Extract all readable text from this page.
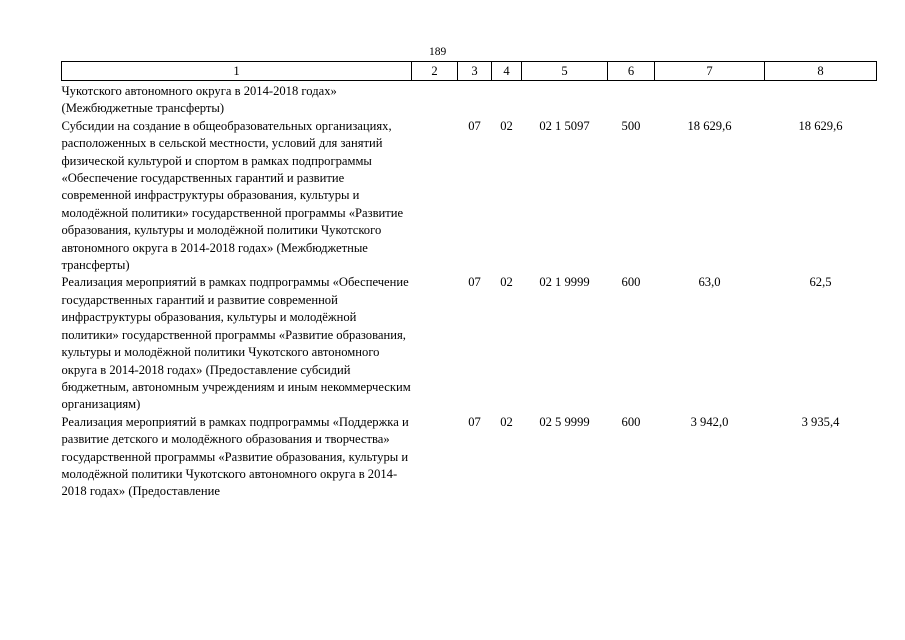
189
1	2	3	4	5	6	7	8
Чукотского автономного округа в 2014-2018 годах» (Межбюджетные трансферты)							
Субсидии на создание в общеобразовательных организациях, расположенных в сельской местности, условий для занятий физической культурой и спортом в рамках подпрограммы «Обеспечение государственных гарантий и развитие современной инфраструктуры образования, культуры и молодёжной политики» государственной программы «Развитие образования, культуры и молодёжной политики Чукотского автономного округа в 2014-2018 годах» (Межбюджетные трансферты)		07	02	02 1 5097	500	18 629,6	18 629,6
Реализация мероприятий в рамках подпрограммы «Обеспечение государственных гарантий и развитие современной инфраструктуры образования, культуры и молодёжной политики» государственной программы «Развитие образования, культуры и молодёжной политики Чукотского автономного округа в 2014-2018 годах» (Предоставление субсидий бюджетным, автономным учреждениям и иным некоммерческим организациям)		07	02	02 1 9999	600	63,0	62,5
Реализация мероприятий в рамках подпрограммы «Поддержка и развитие детского и молодёжного образования и творчества» государственной программы «Развитие образования, культуры и молодёжной политики Чукотского автономного округа в 2014-2018 годах» (Предоставление		07	02	02 5 9999	600	3 942,0	3 935,4
